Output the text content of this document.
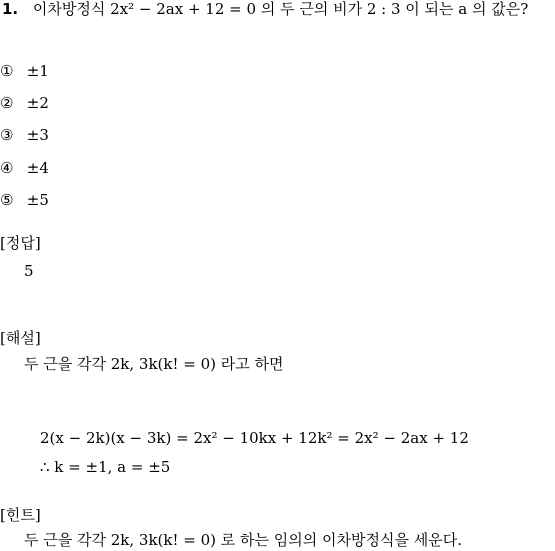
1. 이차방정식 2x² − 2ax + 12 = 0 의 두 근의 비가 2 : 3 이 되는 a 의 값은?
① ±1
② ±2
③ ±3
④ ±4
⑤ ±5
[정답]
5
[해설]
두 근을 각각 2k, 3k(k! = 0) 라고 하면
2(x − 2k)(x − 3k) = 2x² − 10kx + 12k² = 2x² − 2ax + 12
∴ k = ±1, a = ±5
[힌트]
두 근을 각각 2k, 3k(k! = 0) 로 하는 임의의 이차방정식을 세운다.
